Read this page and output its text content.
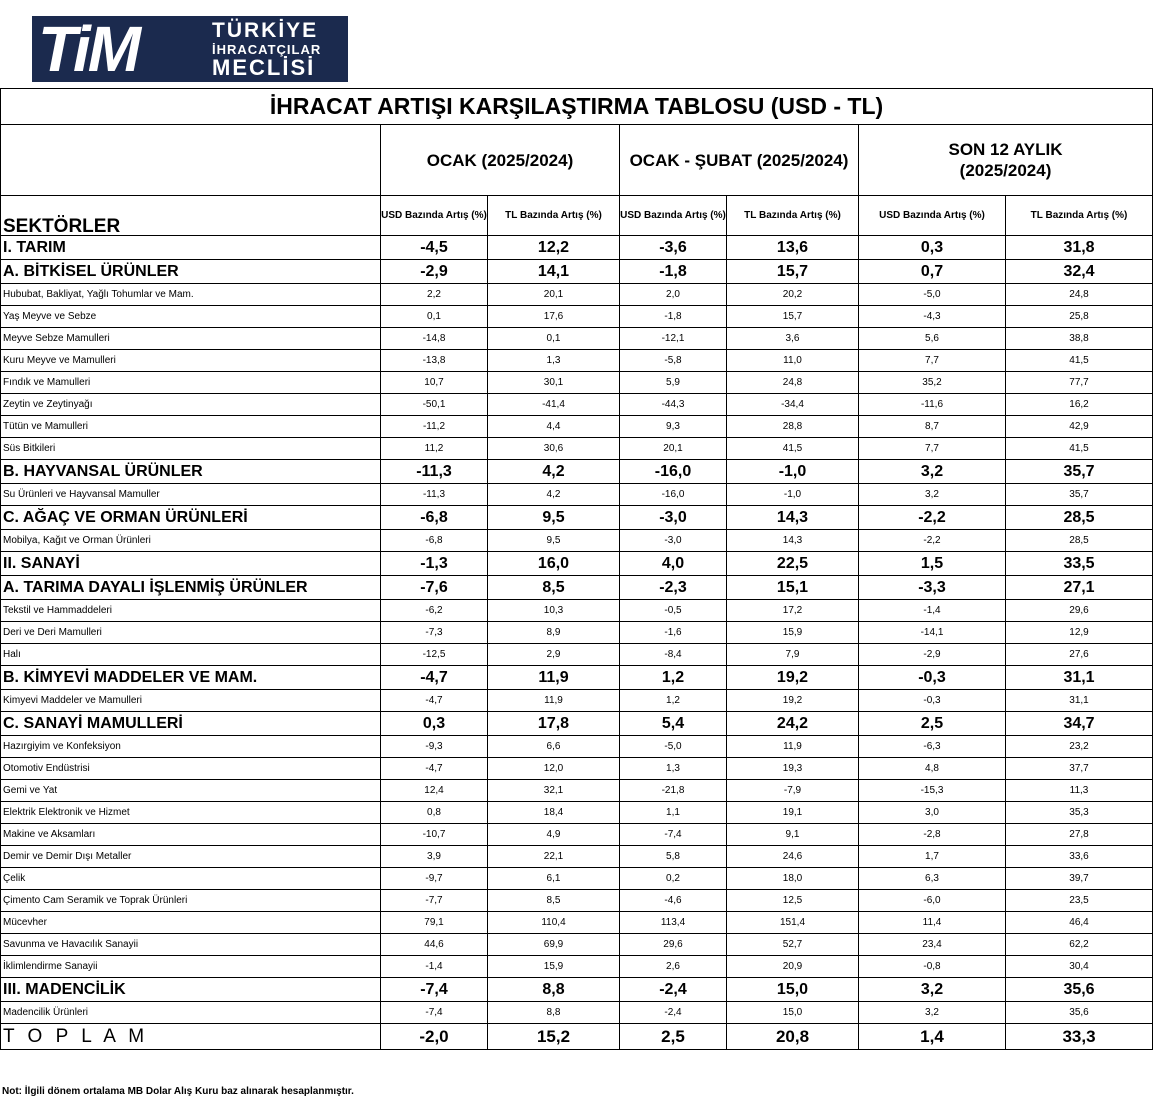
TiM	TÜRKİYE
İHRACATÇILAR
MECLİSİ
İHRACAT ARTIŞI KARŞILAŞTIRMA TABLOSU (USD - TL)						
	OCAK (2025/2024)		OCAK - ŞUBAT (2025/2024)		SON 12 AYLIK
(2025/2024)	
SEKTÖRLER	USD Bazında Artış (%)	TL Bazında Artış (%)	USD Bazında Artış (%)	TL Bazında Artış (%)	USD Bazında Artış (%)	TL Bazında Artış (%)
I. TARIM	-4,5	12,2	-3,6	13,6	0,3	31,8
A. BİTKİSEL ÜRÜNLER	-2,9	14,1	-1,8	15,7	0,7	32,4
Hububat, Bakliyat, Yağlı Tohumlar ve Mam.	2,2	20,1	2,0	20,2	-5,0	24,8
Yaş Meyve ve Sebze	0,1	17,6	-1,8	15,7	-4,3	25,8
Meyve Sebze Mamulleri	-14,8	0,1	-12,1	3,6	5,6	38,8
Kuru Meyve ve Mamulleri	-13,8	1,3	-5,8	11,0	7,7	41,5
Fındık ve Mamulleri	10,7	30,1	5,9	24,8	35,2	77,7
Zeytin ve Zeytinyağı	-50,1	-41,4	-44,3	-34,4	-11,6	16,2
Tütün ve Mamulleri	-11,2	4,4	9,3	28,8	8,7	42,9
Süs Bitkileri	11,2	30,6	20,1	41,5	7,7	41,5
B. HAYVANSAL ÜRÜNLER	-11,3	4,2	-16,0	-1,0	3,2	35,7
Su Ürünleri ve Hayvansal Mamuller	-11,3	4,2	-16,0	-1,0	3,2	35,7
C. AĞAÇ VE ORMAN ÜRÜNLERİ	-6,8	9,5	-3,0	14,3	-2,2	28,5
Mobilya, Kağıt ve Orman Ürünleri	-6,8	9,5	-3,0	14,3	-2,2	28,5
II. SANAYİ	-1,3	16,0	4,0	22,5	1,5	33,5
A. TARIMA DAYALI İŞLENMİŞ ÜRÜNLER	-7,6	8,5	-2,3	15,1	-3,3	27,1
Tekstil ve Hammaddeleri	-6,2	10,3	-0,5	17,2	-1,4	29,6
Deri ve Deri Mamulleri	-7,3	8,9	-1,6	15,9	-14,1	12,9
Halı	-12,5	2,9	-8,4	7,9	-2,9	27,6
B. KİMYEVİ MADDELER VE MAM.	-4,7	11,9	1,2	19,2	-0,3	31,1
Kimyevi Maddeler ve Mamulleri	-4,7	11,9	1,2	19,2	-0,3	31,1
C. SANAYİ MAMULLERİ	0,3	17,8	5,4	24,2	2,5	34,7
Hazırgiyim ve Konfeksiyon	-9,3	6,6	-5,0	11,9	-6,3	23,2
Otomotiv Endüstrisi	-4,7	12,0	1,3	19,3	4,8	37,7
Gemi ve Yat	12,4	32,1	-21,8	-7,9	-15,3	11,3
Elektrik Elektronik ve Hizmet	0,8	18,4	1,1	19,1	3,0	35,3
Makine ve Aksamları	-10,7	4,9	-7,4	9,1	-2,8	27,8
Demir ve Demir Dışı Metaller	3,9	22,1	5,8	24,6	1,7	33,6
Çelik	-9,7	6,1	0,2	18,0	6,3	39,7
Çimento Cam Seramik ve Toprak Ürünleri	-7,7	8,5	-4,6	12,5	-6,0	23,5
Mücevher	79,1	110,4	113,4	151,4	11,4	46,4
Savunma ve Havacılık Sanayii	44,6	69,9	29,6	52,7	23,4	62,2
İklimlendirme Sanayii	-1,4	15,9	2,6	20,9	-0,8	30,4
III. MADENCİLİK	-7,4	8,8	-2,4	15,0	3,2	35,6
Madencilik Ürünleri	-7,4	8,8	-2,4	15,0	3,2	35,6
T O P L A M	-2,0	15,2	2,5	20,8	1,4	33,3
Not: İlgili dönem ortalama MB Dolar Alış Kuru baz alınarak hesaplanmıştır.
